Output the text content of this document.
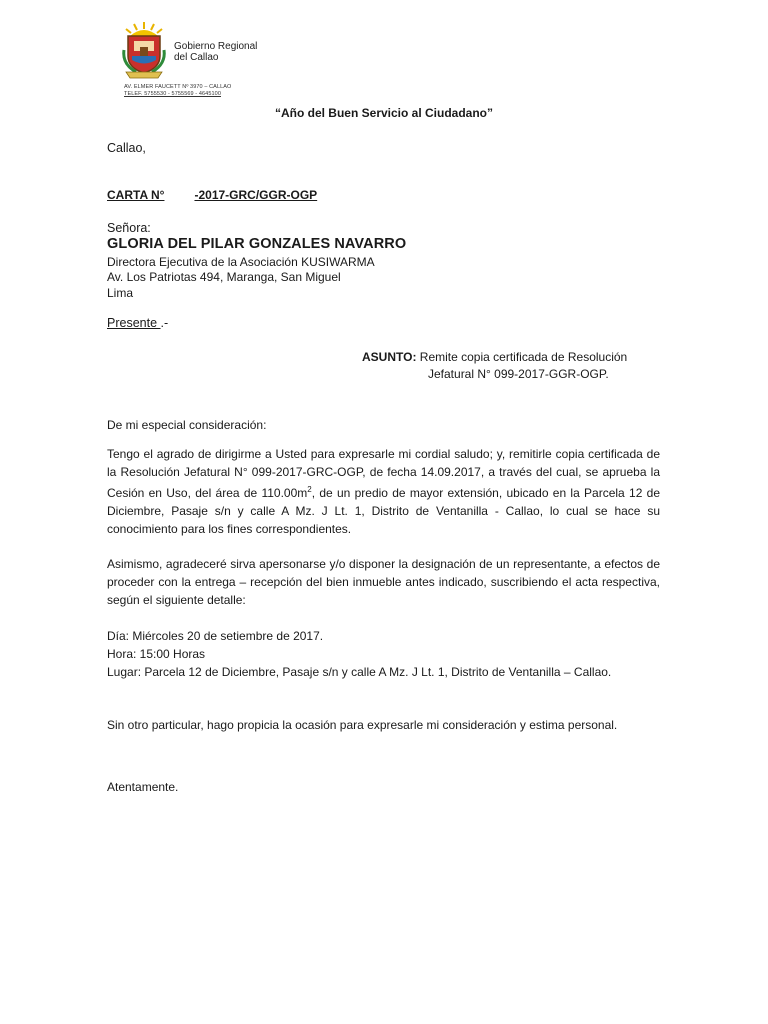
Gobierno Regional
del Callao
AV. ELMER FAUCETT Nº 3970 – CALLAO
TELEF. 5755530 - 5755569 - 4645100
“Año del Buen Servicio al Ciudadano”
Callao,
CARTA N°	-2017-GRC/GGR-OGP
Señora:
GLORIA DEL PILAR GONZALES NAVARRO
Directora Ejecutiva de la Asociación KUSIWARMA
Av. Los Patriotas 494, Maranga, San Miguel
Lima
Presente .-
ASUNTO: Remite copia certificada de Resolución
Jefatural N° 099-2017-GGR-OGP.
De mi especial consideración:
Tengo el agrado de dirigirme a Usted para expresarle mi cordial saludo; y, remitirle copia certificada de la Resolución Jefatural N° 099-2017-GRC-OGP, de fecha 14.09.2017, a través del cual, se aprueba la Cesión en Uso, del área de $110.00m^2$, de un predio de mayor extensión, ubicado en la Parcela 12 de Diciembre, Pasaje s/n y calle A Mz. J Lt. 1, Distrito de Ventanilla - Callao, lo cual se hace su conocimiento para los fines correspondientes.
Asimismo, agradeceré sirva apersonarse y/o disponer la designación de un representante, a efectos de proceder con la entrega – recepción del bien inmueble antes indicado, suscribiendo el acta respectiva, según el siguiente detalle:
Día: Miércoles 20 de setiembre de 2017.
Hora: 15:00 Horas
Lugar: Parcela 12 de Diciembre, Pasaje s/n y calle A Mz. J Lt. 1, Distrito de Ventanilla – Callao.
Sin otro particular, hago propicia la ocasión para expresarle mi consideración y estima personal.
Atentamente.
